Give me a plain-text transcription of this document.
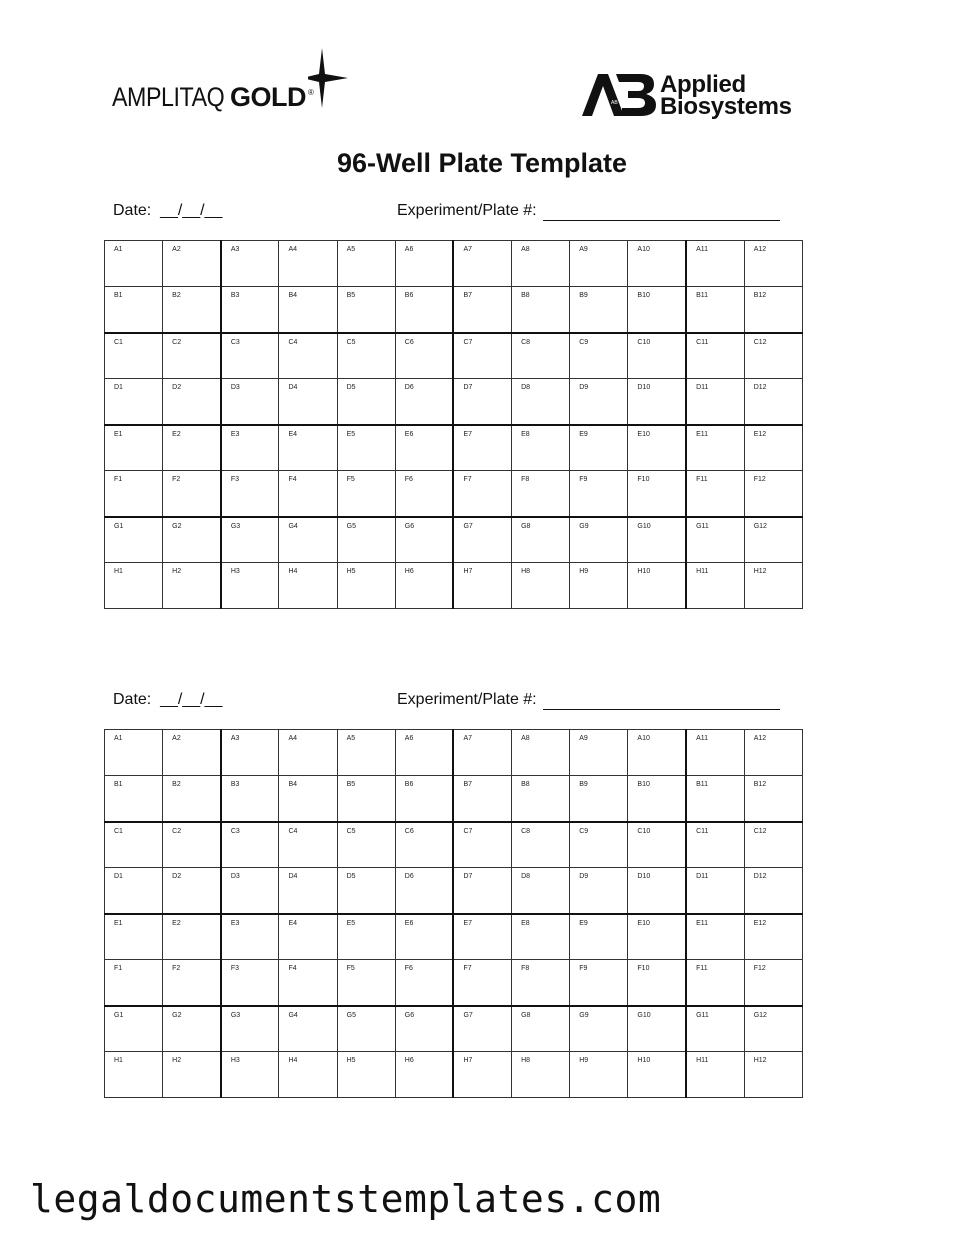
AMPLITAQ GOLD ®
AB
Applied
Biosystems
96-Well Plate Template
Date:  __/__/__	Experiment/Plate #:
A1	A2	A3	A4	A5	A6	A7	A8	A9	A10	A11	A12
B1	B2	B3	B4	B5	B6	B7	B8	B9	B10	B11	B12
C1	C2	C3	C4	C5	C6	C7	C8	C9	C10	C11	C12
D1	D2	D3	D4	D5	D6	D7	D8	D9	D10	D11	D12
E1	E2	E3	E4	E5	E6	E7	E8	E9	E10	E11	E12
F1	F2	F3	F4	F5	F6	F7	F8	F9	F10	F11	F12
G1	G2	G3	G4	G5	G6	G7	G8	G9	G10	G11	G12
H1	H2	H3	H4	H5	H6	H7	H8	H9	H10	H11	H12
Date:  __/__/__	Experiment/Plate #:
A1	A2	A3	A4	A5	A6	A7	A8	A9	A10	A11	A12
B1	B2	B3	B4	B5	B6	B7	B8	B9	B10	B11	B12
C1	C2	C3	C4	C5	C6	C7	C8	C9	C10	C11	C12
D1	D2	D3	D4	D5	D6	D7	D8	D9	D10	D11	D12
E1	E2	E3	E4	E5	E6	E7	E8	E9	E10	E11	E12
F1	F2	F3	F4	F5	F6	F7	F8	F9	F10	F11	F12
G1	G2	G3	G4	G5	G6	G7	G8	G9	G10	G11	G12
H1	H2	H3	H4	H5	H6	H7	H8	H9	H10	H11	H12
legaldocumentstemplates.com
